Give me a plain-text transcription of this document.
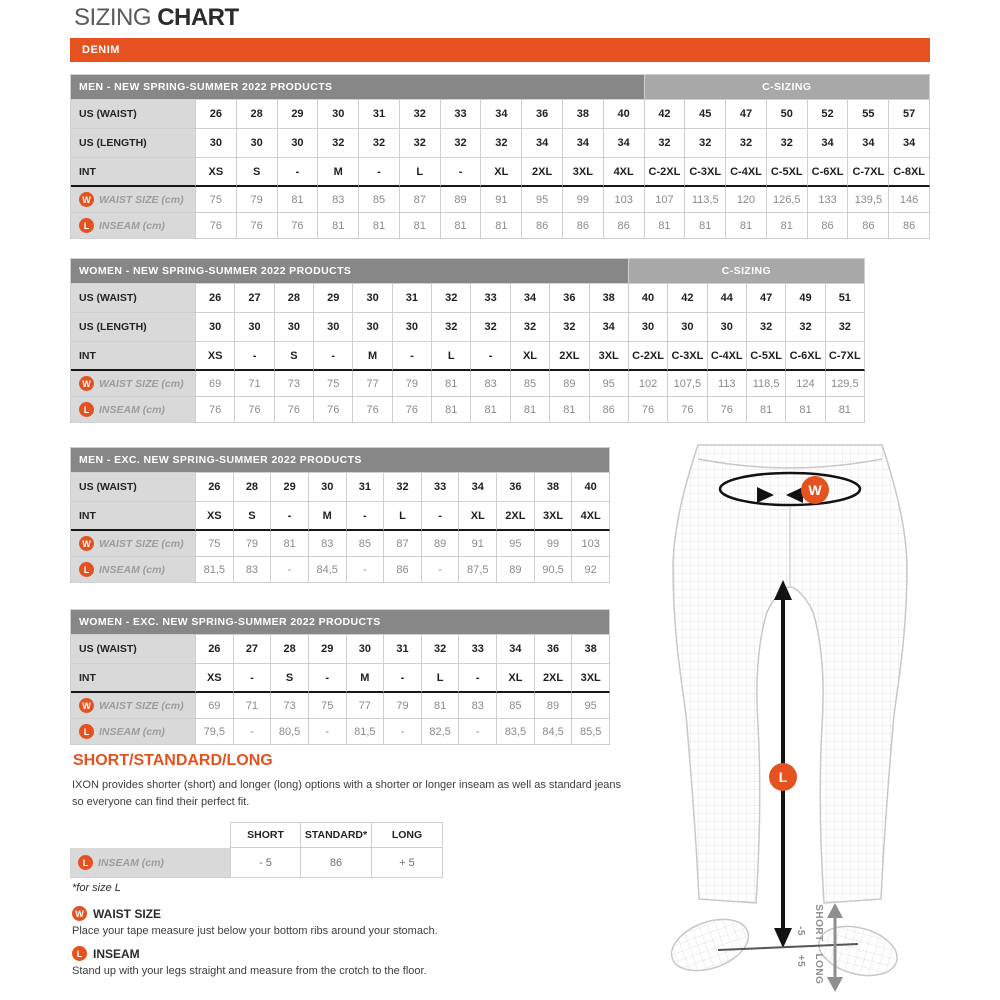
SIZING CHART
DENIM
MEN - NEW SPRING-SUMMER 2022 PRODUCTS	C-SIZING
US (WAIST)	26	28	29	30	31	32	33	34	36	38	40	42	45	47	50	52	55	57
US (LENGTH)	30	30	30	32	32	32	32	32	34	34	34	32	32	32	32	34	34	34
INT	XS	S	-	M	-	L	-	XL	2XL	3XL	4XL	C-2XL C-3XL C-4XL C-5XL C-6XL C-7XL C-8XL
W WAIST SIZE (cm)	75	79	81	83	85	87	89	91	95	99	103	107	113,5	120	126,5	133	139,5	146
L INSEAM (cm)	76	76	76	81	81	81	81	81	86	86	86	81	81	81	81	86	86	86
WOMEN - NEW SPRING-SUMMER 2022 PRODUCTS	C-SIZING
US (WAIST)	26	27	28	29	30	31	32	33	34	36	38	40	42	44	47	49	51
US (LENGTH)	30	30	30	30	30	30	32	32	32	32	34	30	30	30	32	32	32
INT	XS	-	S	-	M	-	L	-	XL	2XL	3XL	C-2XL C-3XL C-4XL C-5XL C-6XL C-7XL
W WAIST SIZE (cm)	69	71	73	75	77	79	81	83	85	89	95	102	107,5	113	118,5	124	129,5
L INSEAM (cm)	76	76	76	76	76	76	81	81	81	81	86	76	76	76	81	81	81
MEN - EXC. NEW SPRING-SUMMER 2022 PRODUCTS
US (WAIST)	26	28	29	30	31	32	33	34	36	38	40
INT	XS	S	-	M	-	L	-	XL	2XL	3XL	4XL
W WAIST SIZE (cm)	75	79	81	83	85	87	89	91	95	99	103
L INSEAM (cm)	81,5	83	-	84,5	-	86	-	87,5	89	90,5	92
WOMEN - EXC. NEW SPRING-SUMMER 2022 PRODUCTS
US (WAIST)	26	27	28	29	30	31	32	33	34	36	38
INT	XS	-	S	-	M	-	L	-	XL	2XL	3XL
W WAIST SIZE (cm)	69	71	73	75	77	79	81	83	85	89	95
L INSEAM (cm)	79,5	-	80,5	-	81,5	-	82,5	-	83,5	84,5	85,5
SHORT/STANDARD/LONG

IXON provides shorter (short) and longer (long) options with a shorter or longer inseam as well as standard jeans so everyone can find their perfect fit.

SHORT	STANDARD*	LONG
L INSEAM (cm)	- 5	86	+ 5

*for size L

W WAIST SIZE

Place your tape measure just below your bottom ribs around your stomach.

L INSEAM

Stand up with your legs straight and measure from the crotch to the floor.

W
L
SHORT
LONG
-5
+5
